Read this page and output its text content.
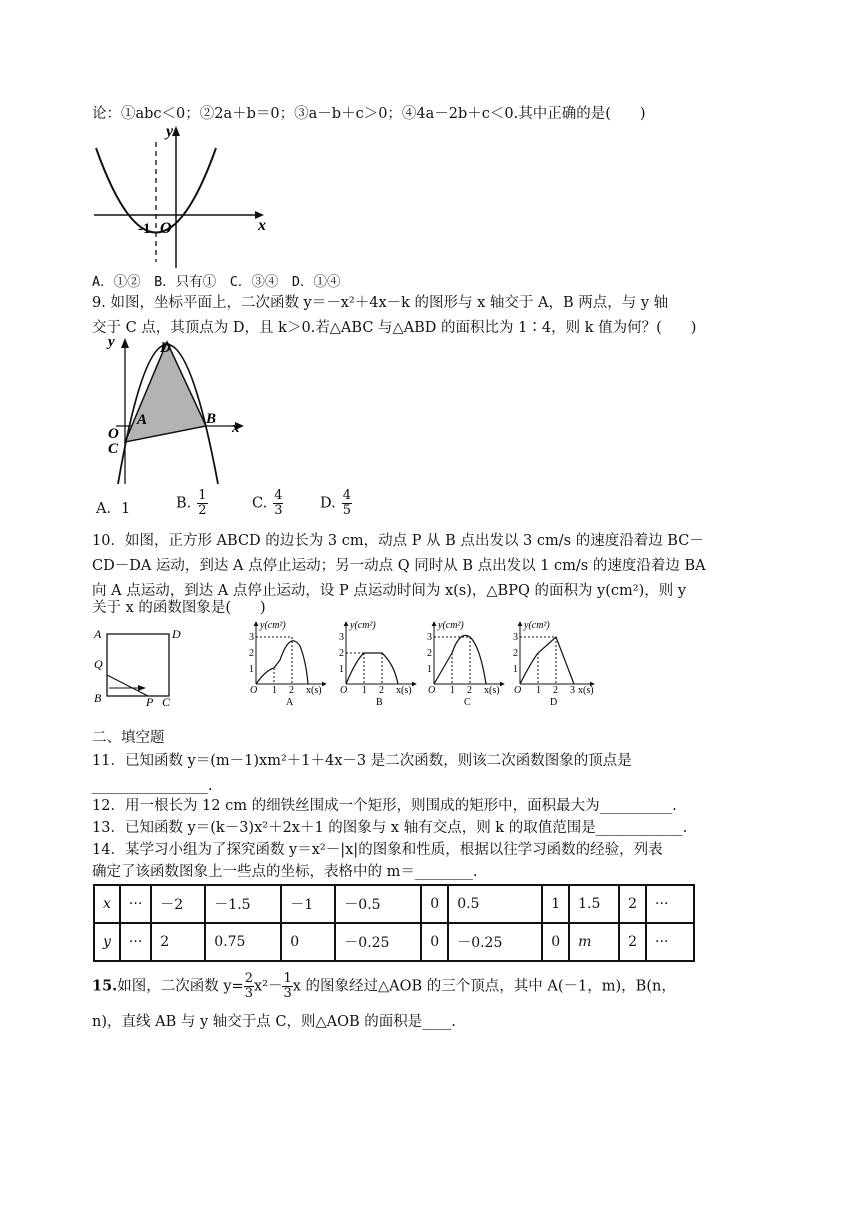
论：①abc＜0；②2a＋b＝0；③a－b＋c＞0；④4a－2b＋c＜0.其中正确的是(　　)
y
x
-1 O
A．①②　B．只有①　C．③④　D．①④
9. 如图，坐标平面上，二次函数 y＝－x²＋4x－k 的图形与 x 轴交于 A，B 两点，与 y 轴
交于 C 点，其顶点为 D，且 k＞0.若△ABC 与△ABD 的面积比为 1∶4，则 k 值为何？(　　)
y
x
D
A	B
O
C
A．1	B. $\frac{1}{2}$	C. $\frac{4}{3}$	D. $\frac{4}{5}$
10．如图，正方形 ABCD 的边长为 3 cm，动点 P 从 B 点出发以 3 cm/s 的速度沿着边 BC－
CD－DA 运动，到达 A 点停止运动；另一动点 Q 同时从 B 点出发以 1 cm/s 的速度沿着边 BA
向 A 点运动，到达 A 点停止运动，设 P 点运动时间为 x(s)，△BPQ 的面积为 y(cm²)，则 y
关于 x 的函数图象是(　　)
A	D
Q
B	P C
y(cm²)
x(s)
3
2
1
O 1 2
A
y(cm²)
x(s)
3
2
1
O 1 2
B
y(cm²)
x(s)
3
2
1
O 1 2
C
y(cm²)
x(s)
3
2
1
O 1 2 3
D
二、填空题
11．已知函数 y＝(m－1)xm²＋1＋4x－3 是二次函数，则该二次函数图象的顶点是
________________.
12．用一根长为 12 cm 的细铁丝围成一个矩形，则围成的矩形中，面积最大为__________.
13．已知函数 y＝(k－3)x²＋2x＋1 的图象与 x 轴有交点，则 k 的取值范围是____________.
14．某学习小组为了探究函数 y＝x²－|x|的图象和性质，根据以往学习函数的经验，列表
确定了该函数图象上一些点的坐标，表格中的 m＝________.
x	···	－2	－1.5	－1	－0.5	0	0.5	1	1.5	2	···
y	···	2	0.75	0	－0.25	0	－0.25	0	m	2	···
15.如图，二次函数 $y= \frac{2}{3} x^2- \frac{1}{3}$ x 的图象经过△AOB 的三个顶点，其中 A(－1，m)，B(n，
n)，直线 AB 与 y 轴交于点 C，则△AOB 的面积是____.
